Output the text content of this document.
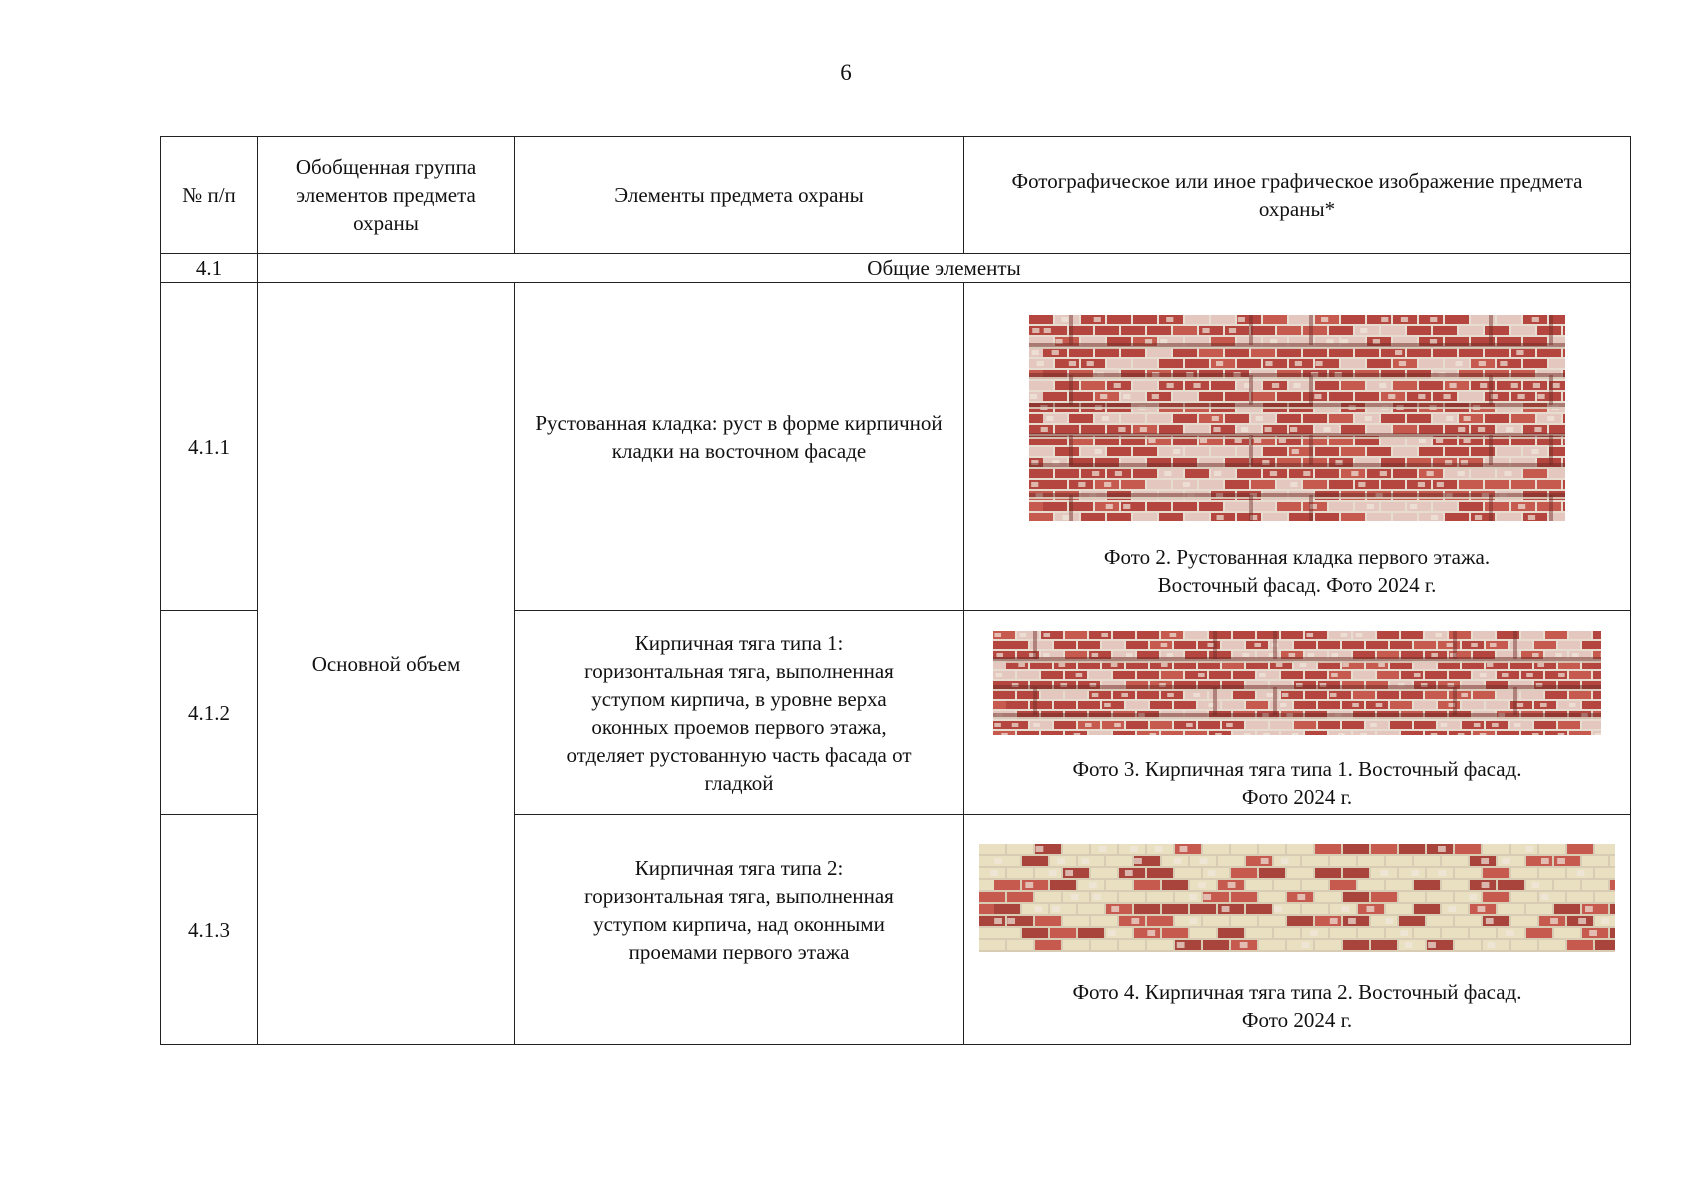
6
№ п/п	Обобщенная группа элементов предмета охраны	Элементы предмета охраны	Фотографическое или иное графическое изображение предмета охраны*
4.1	Общие элементы		
4.1.1	Основной объем	Рустованная кладка: руст в форме кирпичной кладки на восточном фасаде	Фото 2. Рустованная кладка первого этажа.
Восточный фасад. Фото 2024 г.

4.1.2		Кирпичная тяга типа 1: горизонтальная тяга, выполненная уступом кирпича, в уровне верха оконных проемов первого этажа, отделяет рустованную часть фасада от гладкой	Фото 3. Кирпичная тяга типа 1. Восточный фасад.
Фото 2024 г.

4.1.3		Кирпичная тяга типа 2: горизонтальная тяга, выполненная уступом кирпича, над оконными проемами первого этажа	Фото 4. Кирпичная тяга типа 2. Восточный фасад.
Фото 2024 г.
